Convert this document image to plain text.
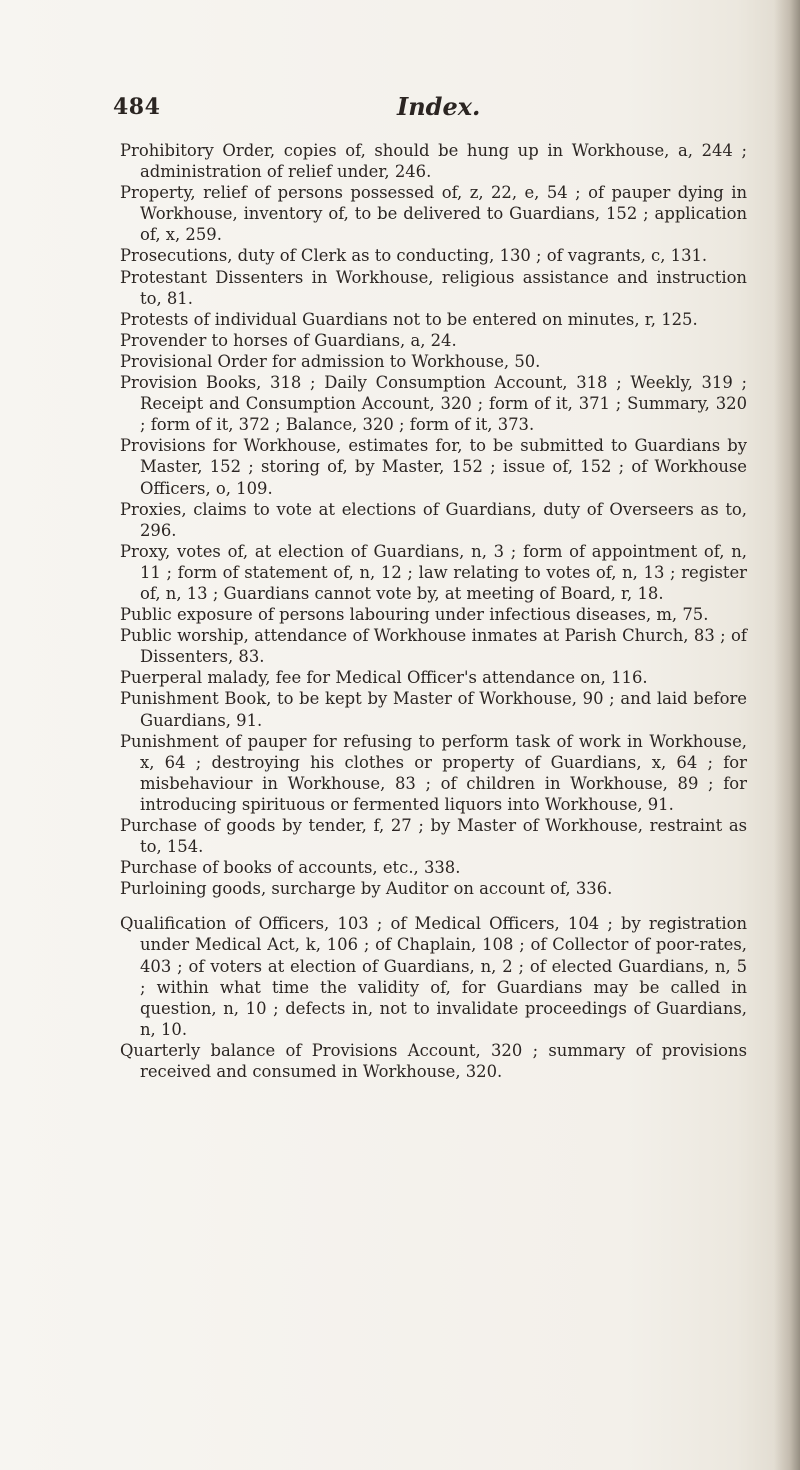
484	Index.

Prohibitory Order, copies of, should be hung up in Workhouse, a, 244 ; administration of relief under, 246.

Property, relief of persons possessed of, z, 22, e, 54 ; of pauper dying in Workhouse, inventory of, to be delivered to Guardians, 152 ; application of, x, 259.

Prosecutions, duty of Clerk as to conducting, 130 ; of vagrants, c, 131.

Protestant Dissenters in Workhouse, religious assistance and instruction to, 81.

Protests of individual Guardians not to be entered on minutes, r, 125.

Provender to horses of Guardians, a, 24.

Provisional Order for admission to Workhouse, 50.

Provision Books, 318 ; Daily Consumption Account, 318 ; Weekly, 319 ; Receipt and Consumption Account, 320 ; form of it, 371 ; Summary, 320 ; form of it, 372 ; Balance, 320 ; form of it, 373.

Provisions for Workhouse, estimates for, to be submitted to Guardians by Master, 152 ; storing of, by Master, 152 ; issue of, 152 ; of Workhouse Officers, o, 109.

Proxies, claims to vote at elections of Guardians, duty of Overseers as to, 296.

Proxy, votes of, at election of Guardians, n, 3 ; form of appointment of, n, 11 ; form of statement of, n, 12 ; law relating to votes of, n, 13 ; register of, n, 13 ; Guardians cannot vote by, at meeting of Board, r, 18.

Public exposure of persons labouring under infectious diseases, m, 75.

Public worship, attendance of Workhouse inmates at Parish Church, 83 ; of Dissenters, 83.

Puerperal malady, fee for Medical Officer's attendance on, 116.

Punishment Book, to be kept by Master of Workhouse, 90 ; and laid before Guardians, 91.

Punishment of pauper for refusing to perform task of work in Workhouse, x, 64 ; destroying his clothes or property of Guardians, x, 64 ; for misbehaviour in Workhouse, 83 ; of children in Workhouse, 89 ; for introducing spirituous or fermented liquors into Workhouse, 91.

Purchase of goods by tender, f, 27 ; by Master of Workhouse, restraint as to, 154.

Purchase of books of accounts, etc., 338.

Purloining goods, surcharge by Auditor on account of, 336.

Qualification of Officers, 103 ; of Medical Officers, 104 ; by registration under Medical Act, k, 106 ; of Chaplain, 108 ; of Collector of poor-rates, 403 ; of voters at election of Guardians, n, 2 ; of elected Guardians, n, 5 ; within what time the validity of, for Guardians may be called in question, n, 10 ; defects in, not to invalidate proceedings of Guardians, n, 10.

Quarterly balance of Provisions Account, 320 ; summary of provisions received and consumed in Workhouse, 320.
